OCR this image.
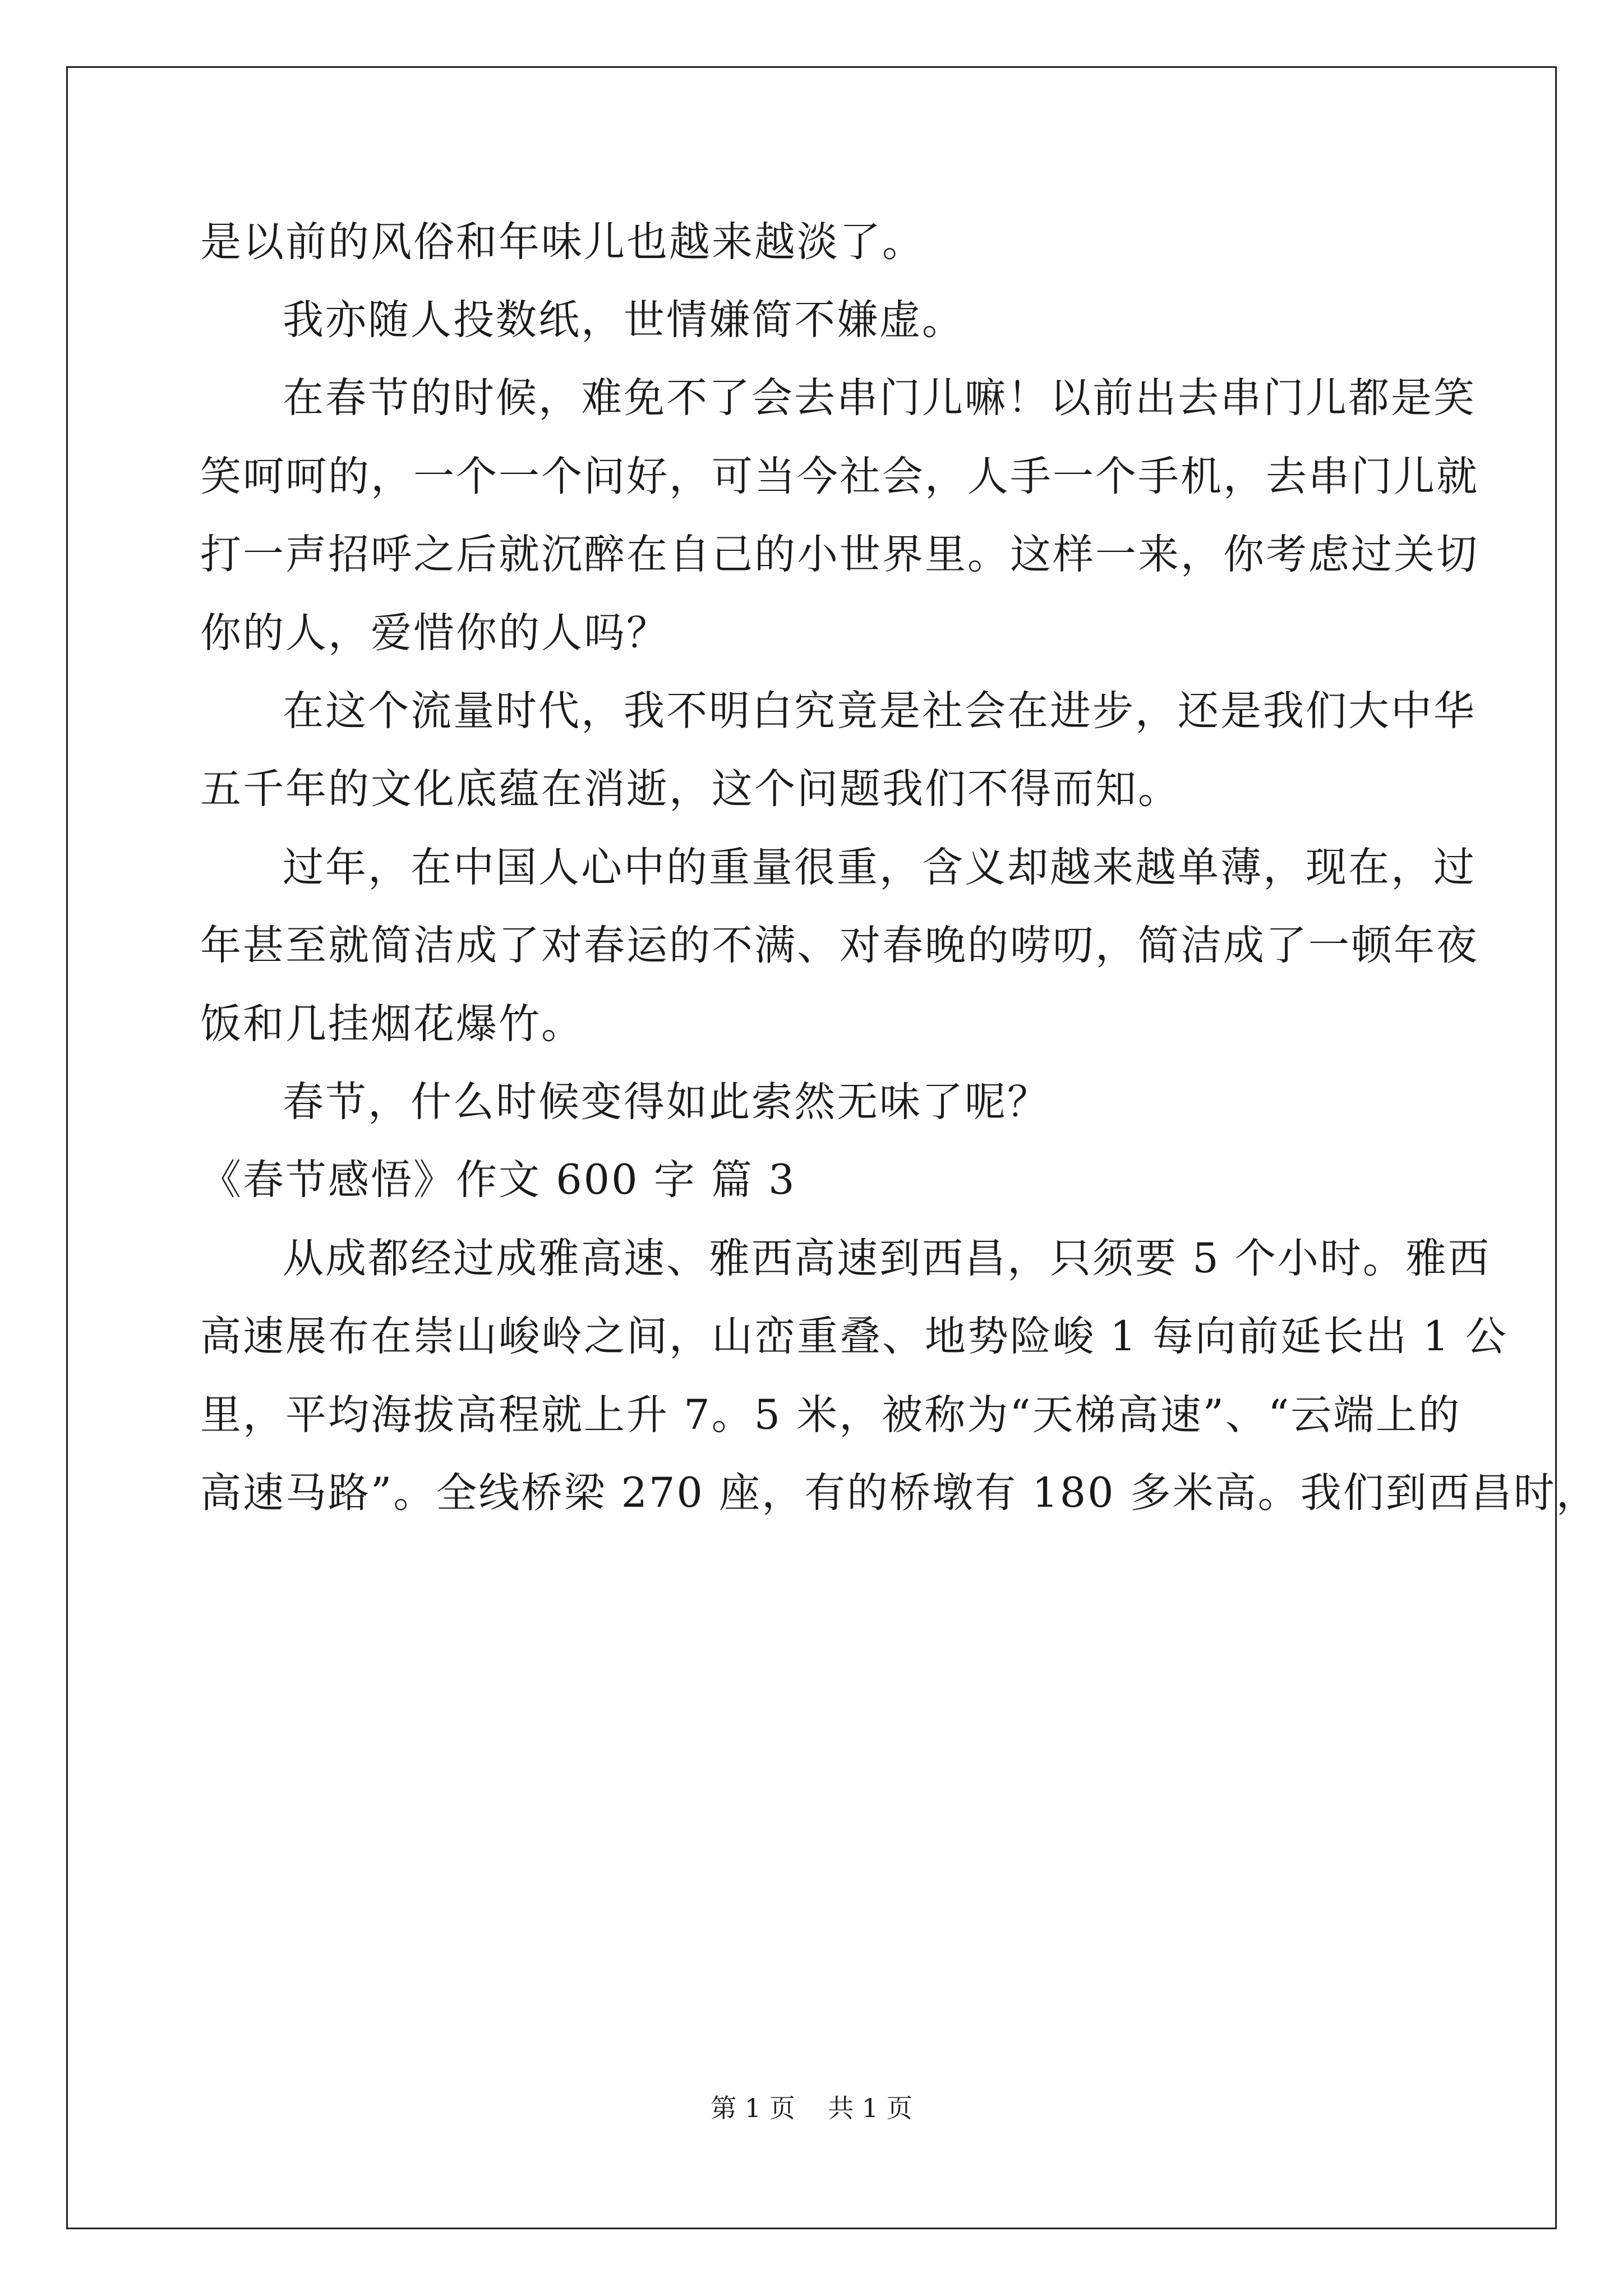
是以前的风俗和年味儿也越来越淡了。
我亦随人投数纸，世情嫌简不嫌虚。
在春节的时候，难免不了会去串门儿嘛！以前出去串门儿都是笑
笑呵呵的，一个一个问好，可当今社会，人手一个手机，去串门儿就
打一声招呼之后就沉醉在自己的小世界里。这样一来，你考虑过关切
你的人，爱惜你的人吗？
在这个流量时代，我不明白究竟是社会在进步，还是我们大中华
五千年的文化底蕴在消逝，这个问题我们不得而知。
过年，在中国人心中的重量很重，含义却越来越单薄，现在，过
年甚至就简洁成了对春运的不满、对春晚的唠叨，简洁成了一顿年夜
饭和几挂烟花爆竹。
春节，什么时候变得如此索然无味了呢？
《春节感悟》作文 600 字 篇 3
从成都经过成雅高速、雅西高速到西昌，只须要 5 个小时。雅西
高速展布在崇山峻岭之间，山峦重叠、地势险峻 1 每向前延长出 1 公
里，平均海拔高程就上升 7。5 米，被称为“天梯高速”、“云端上的
高速马路”。全线桥梁 270 座，有的桥墩有 180 多米高。我们到西昌时，
第 1 页    共 1 页
